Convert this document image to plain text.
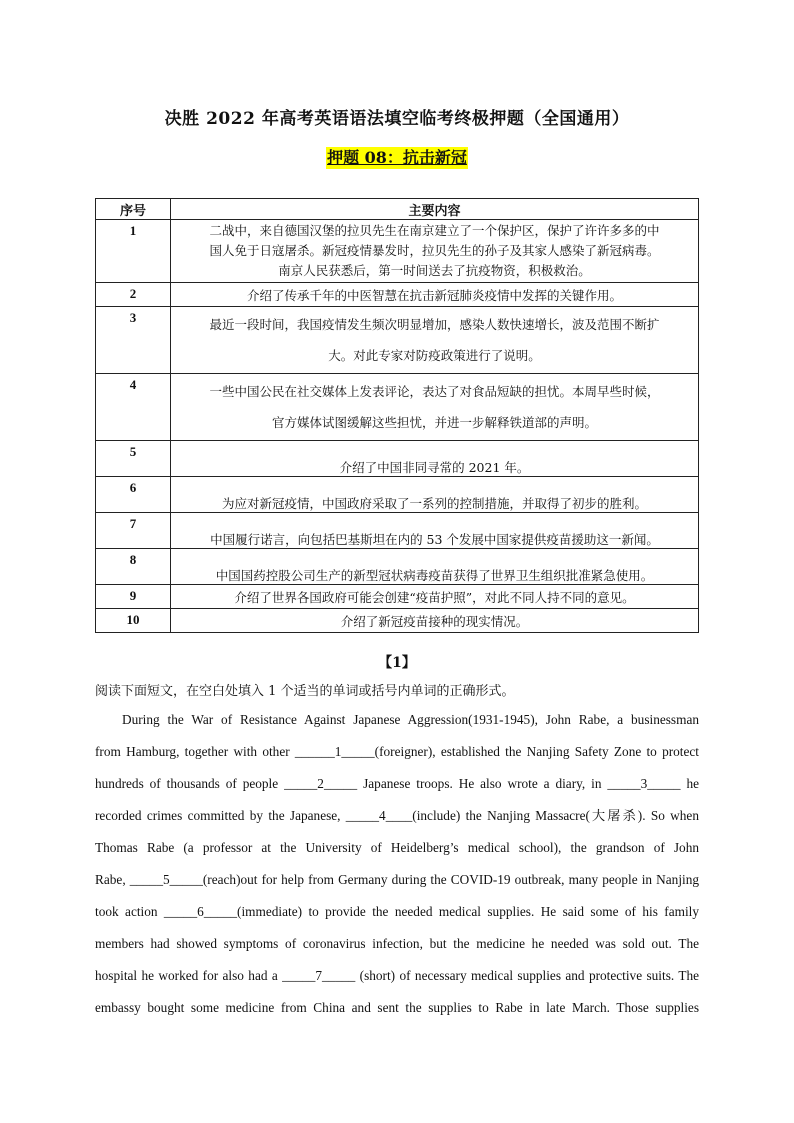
决胜 2022 年高考英语语法填空临考终极押题（全国通用）
押题 08：抗击新冠
序号	主要内容
1	二战中，来自德国汉堡的拉贝先生在南京建立了一个保护区，保护了许许多多的中
国人免于日寇屠杀。新冠疫情暴发时，拉贝先生的孙子及其家人感染了新冠病毒。
南京人民获悉后，第一时间送去了抗疫物资，积极救治。

2	介绍了传承千年的中医智慧在抗击新冠肺炎疫情中发挥的关键作用。
3	最近一段时间，我国疫情发生频次明显增加，感染人数快速增长，波及范围不断扩
大。对此专家对防疫政策进行了说明。

4	一些中国公民在社交媒体上发表评论，表达了对食品短缺的担忧。本周早些时候，
官方媒体试图缓解这些担忧，并进一步解释铁道部的声明。

5	介绍了中国非同寻常的 2021 年。
6	为应对新冠疫情，中国政府采取了一系列的控制措施，并取得了初步的胜利。
7	中国履行诺言，向包括巴基斯坦在内的 53 个发展中国家提供疫苗援助这一新闻。
8	中国国药控股公司生产的新型冠状病毒疫苗获得了世界卫生组织批准紧急使用。
9	介绍了世界各国政府可能会创建“疫苗护照”，对此不同人持不同的意见。
10	介绍了新冠疫苗接种的现实情况。
【1】
阅读下面短文，在空白处填入 1 个适当的单词或括号内单词的正确形式。
During the War of Resistance Against Japanese Aggression(1931-1945), John Rabe, a businessman
from Hamburg, together with other ______1_____(foreigner), established the Nanjing Safety Zone to protect
hundreds of thousands of people _____2_____ Japanese troops. He also wrote a diary, in _____3_____ he
recorded crimes committed by the Japanese, _____4____(include) the Nanjing Massacre(大屠杀). So when
Thomas Rabe (a professor at the University of Heidelberg’s medical school), the grandson of John
Rabe, _____5_____(reach)out for help from Germany during the COVID-19 outbreak, many people in Nanjing
took action _____6_____(immediate) to provide the needed medical supplies. He said some of his family
members had showed symptoms of coronavirus infection, but the medicine he needed was sold out. The
hospital he worked for also had a _____7_____ (short) of necessary medical supplies and protective suits. The
embassy bought some medicine from China and sent the supplies to Rabe in late March. Those supplies
